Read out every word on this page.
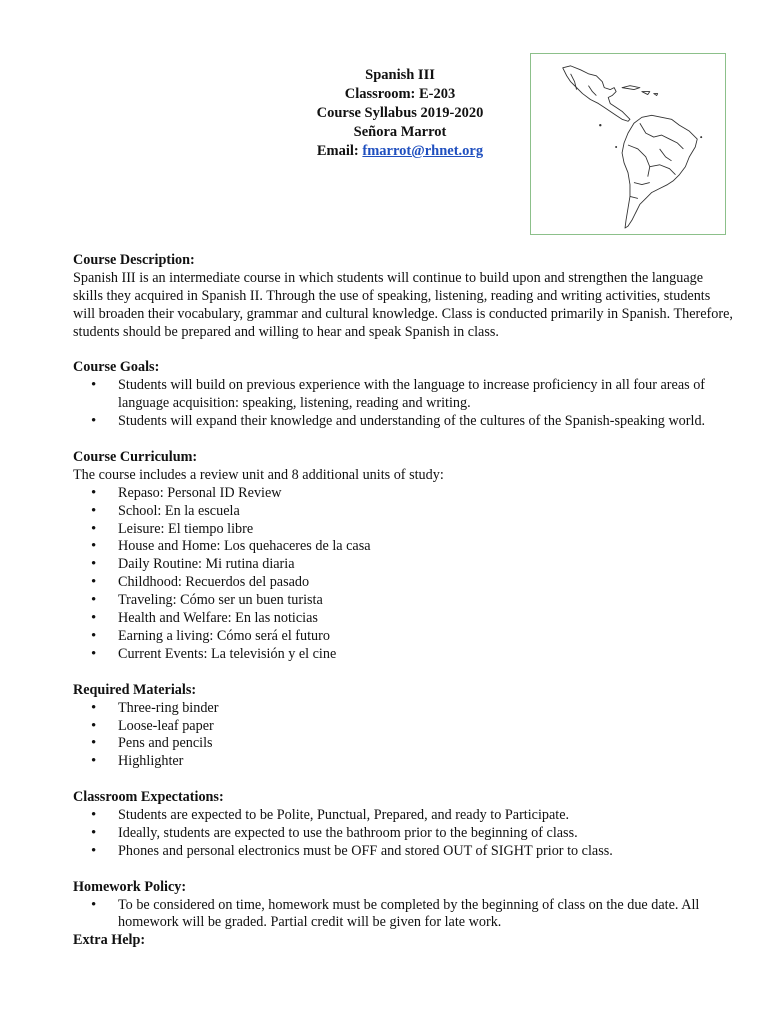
Spanish III
Classroom: E-203
Course Syllabus 2019-2020
Señora Marrot
Email: fmarrot@rhnet.org
Course Description:
Spanish III is an intermediate course in which students will continue to build upon and strengthen the language skills they acquired in Spanish II. Through the use of speaking, listening, reading and writing activities, students will broaden their vocabulary, grammar and cultural knowledge. Class is conducted primarily in Spanish. Therefore, students should be prepared and willing to hear and speak Spanish in class.
Course Goals:
• Students will build on previous experience with the language to increase proficiency in all four areas of language acquisition: speaking, listening, reading and writing.
• Students will expand their knowledge and understanding of the cultures of the Spanish-speaking world.
Course Curriculum:
The course includes a review unit and 8 additional units of study:
• Repaso: Personal ID Review
• School: En la escuela
• Leisure: El tiempo libre
• House and Home: Los quehaceres de la casa
• Daily Routine: Mi rutina diaria
• Childhood: Recuerdos del pasado
• Traveling: Cómo ser un buen turista
• Health and Welfare: En las noticias
• Earning a living: Cómo será el futuro
• Current Events: La televisión y el cine
Required Materials:
• Three-ring binder
• Loose-leaf paper
• Pens and pencils
• Highlighter
Classroom Expectations:
• Students are expected to be Polite, Punctual, Prepared, and ready to Participate.
• Ideally, students are expected to use the bathroom prior to the beginning of class.
• Phones and personal electronics must be OFF and stored OUT of SIGHT prior to class.
Homework Policy:
• To be considered on time, homework must be completed by the beginning of class on the due date. All homework will be graded. Partial credit will be given for late work.
Extra Help:
